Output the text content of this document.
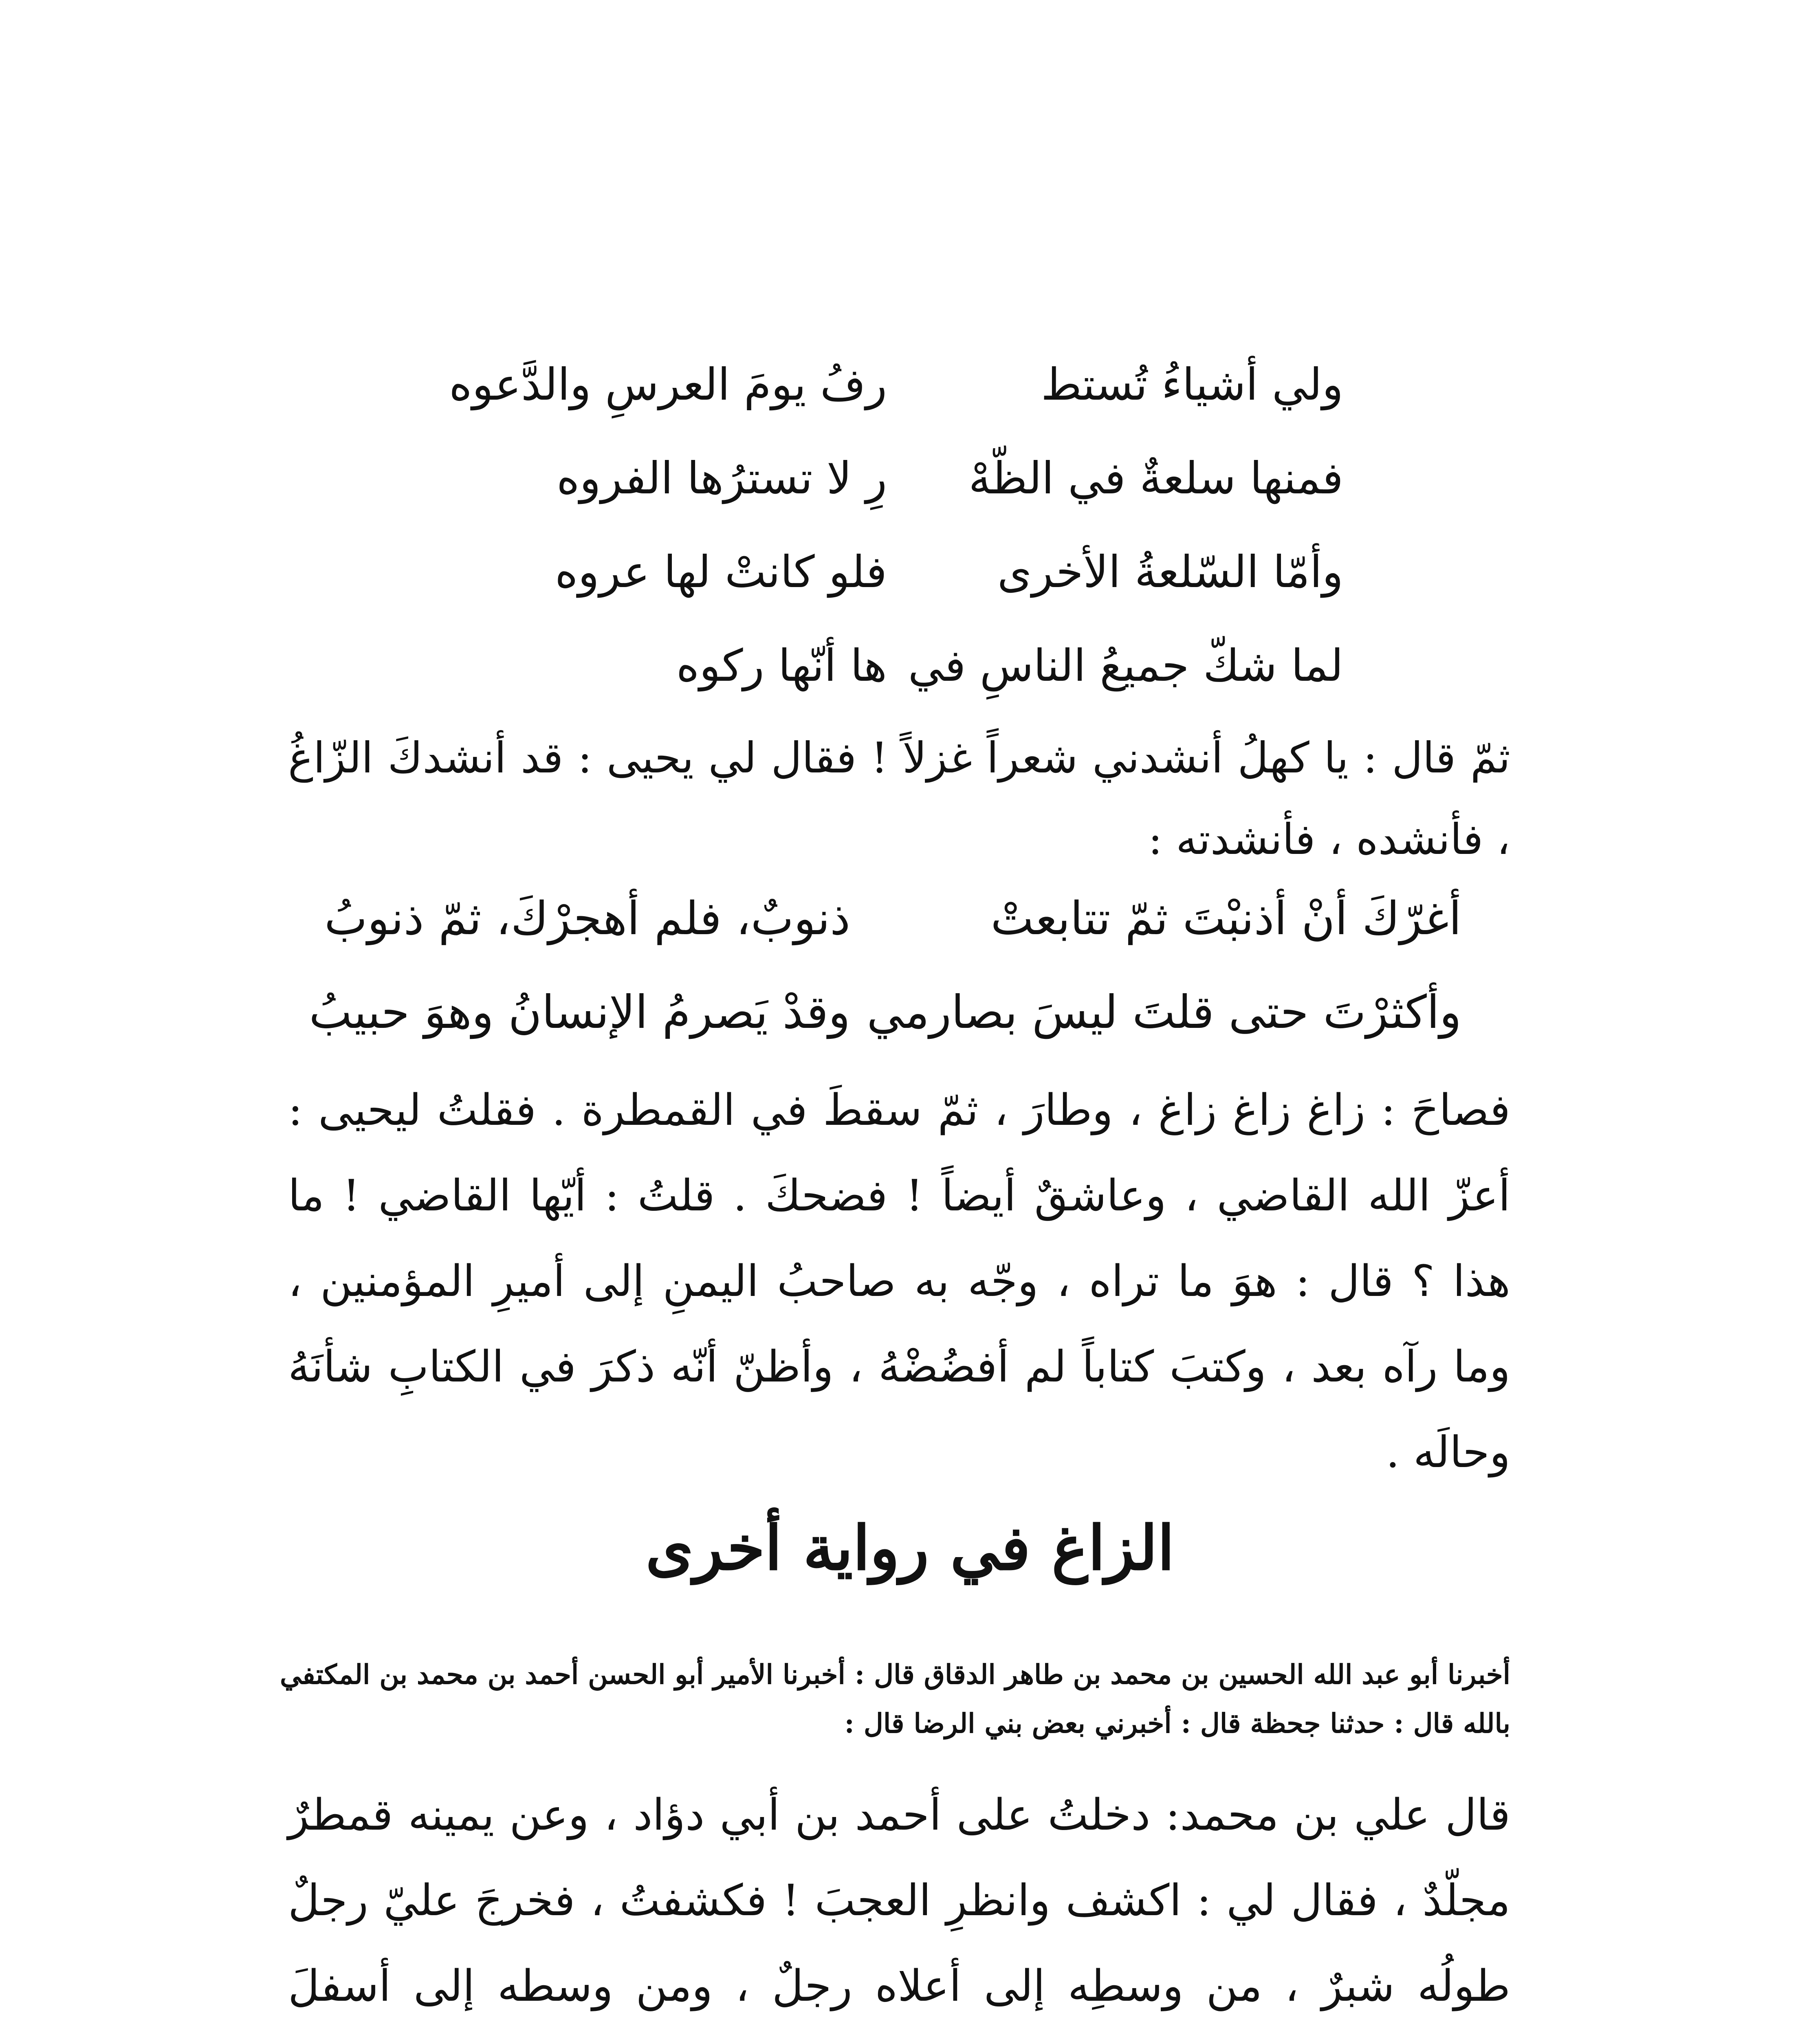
ولي أشياءُ تُستط
رفُ يومَ العرسِ والدَّعوه
فمنها سلعةٌ في الظّهْ
رِ لا تسترُها الفروه
وأمّا السّلعةُ الأخرى
فلو كانتْ لها عروه
لما شكّ جميعُ الناسِ في
ها أنّها ركوه

ثمّ قال : يا كهلُ أنشدني شعراً غزلاً ! فقال لي يحيى : قد أنشدكَ الزّاغُ ، فأنشده ، فأنشدته :

أغرّكَ أنْ أذنبْتَ ثمّ تتابعتْ
ذنوبٌ، فلم أهجرْكَ، ثمّ ذنوبُ
وأكثرْتَ حتى قلتَ ليسَ بصارمي
وقدْ يَصرمُ الإنسانُ وهوَ حبيبُ

فصاحَ : زاغ زاغ زاغ ، وطارَ ، ثمّ سقطَ في القمطرة . فقلتُ ليحيى : أعزّ الله القاضي ، وعاشقٌ أيضاً ! فضحكَ . قلتُ : أيّها القاضي ! ما هذا ؟ قال : هوَ ما تراه ، وجّه به صاحبُ اليمنِ إلى أميرِ المؤمنين ، وما رآه بعد ، وكتبَ كتاباً لم أفضُضْهُ ، وأظنّ أنّه ذكرَ في الكتابِ شأنَهُ وحالَه .

الزاغ في رواية أخرى

أخبرنا أبو عبد الله الحسين بن محمد بن طاهر الدقاق قال : أخبرنا الأمير أبو الحسن أحمد بن محمد بن المكتفي بالله قال : حدثنا جحظة قال : أخبرني بعض بني الرضا قال :

قال علي بن محمد: دخلتُ على أحمد بن أبي دؤاد ، وعن يمينه قمطرٌ مجلّدٌ ، فقال لي : اكشف وانظرِ العجبَ ! فكشفتُ ، فخرجَ عليّ رجلٌ طولُه شبرٌ ، من وسطِه إلى أعلاه رجلٌ ، ومن وسطه إلى أسفلَ
